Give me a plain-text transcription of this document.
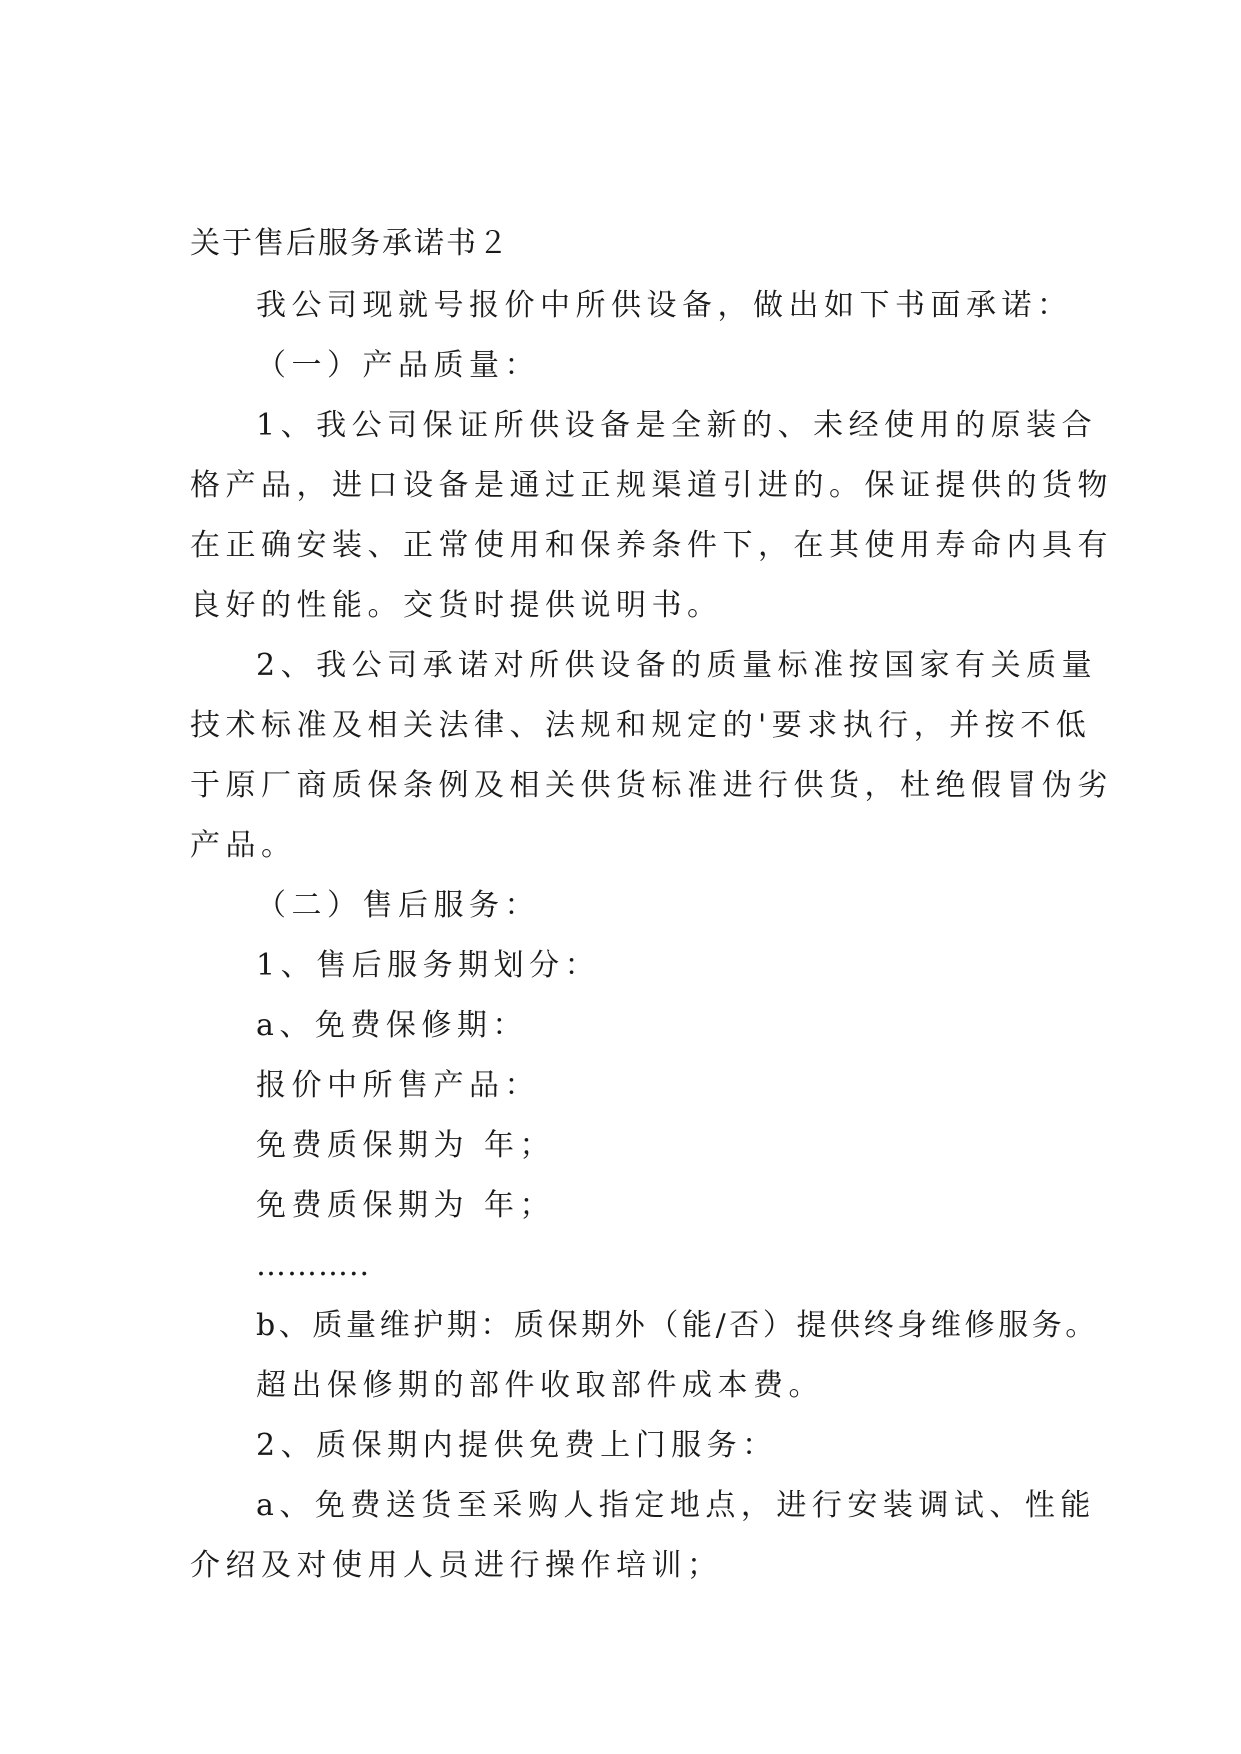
关于售后服务承诺书２
我公司现就号报价中所供设备，做出如下书面承诺：
（一）产品质量：
1、我公司保证所供设备是全新的、未经使用的原装合
格产品，进口设备是通过正规渠道引进的。保证提供的货物
在正确安装、正常使用和保养条件下，在其使用寿命内具有
良好的性能。交货时提供说明书。
2、我公司承诺对所供设备的质量标准按国家有关质量
技术标准及相关法律、法规和规定的'要求执行，并按不低
于原厂商质保条例及相关供货标准进行供货，杜绝假冒伪劣
产品。
（二）售后服务：
1、售后服务期划分：
a、免费保修期：
报价中所售产品：
免费质保期为 年；
免费质保期为 年；
………..
b、质量维护期：质保期外（能/否）提供终身维修服务。
超出保修期的部件收取部件成本费。
2、质保期内提供免费上门服务：
a、免费送货至采购人指定地点，进行安装调试、性能
介绍及对使用人员进行操作培训；
